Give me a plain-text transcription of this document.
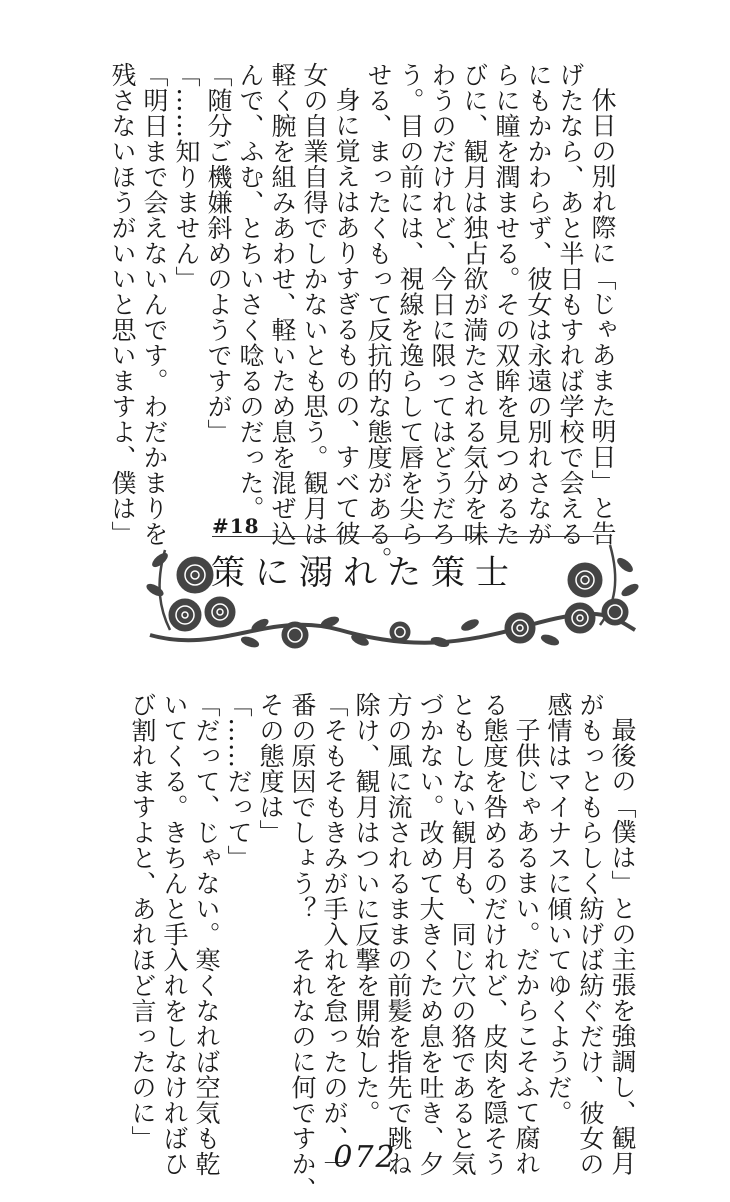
休日の別れ際に「じゃあまた明日」と告

げたなら、あと半日もすれば学校で会える

にもかかわらず、彼女は永遠の別れさなが

らに瞳を潤ませる。その双眸を見つめるた

びに、観月は独占欲が満たされる気分を味

わうのだけれど、今日に限ってはどうだろ

う。目の前には、視線を逸らして唇を尖ら

せる、まったくもって反抗的な態度がある。

身に覚えはありすぎるものの、すべて彼

女の自業自得でしかないとも思う。観月は

軽く腕を組みあわせ、軽いため息を混ぜ込

んで、ふむ、とちいさく唸るのだった。

「随分ご機嫌斜めのようですが」

「……知りません」

「明日まで会えないんです。わだかまりを

残さないほうがいいと思いますよ、僕は」	#18
策に溺れた策士

最後の「僕は」との主張を強調し、観月

がもっともらしく紡げば紡ぐだけ、彼女の

感情はマイナスに傾いてゆくようだ。

子供じゃあるまい。だからこそふて腐れ

る態度を咎めるのだけれど、皮肉を隠そう

ともしない観月も、同じ穴の狢であると気

づかない。改めて大きくため息を吐き、夕

方の風に流されるままの前髪を指先で跳ね

除け、観月はついに反撃を開始した。

「そもそもきみが手入れを怠ったのが、一

番の原因でしょう？　それなのに何ですか、

その態度は」

「……だって」

「だって、じゃない。寒くなれば空気も乾

いてくる。きちんと手入れをしなければひ

び割れますよと、あれほど言ったのに」

072
